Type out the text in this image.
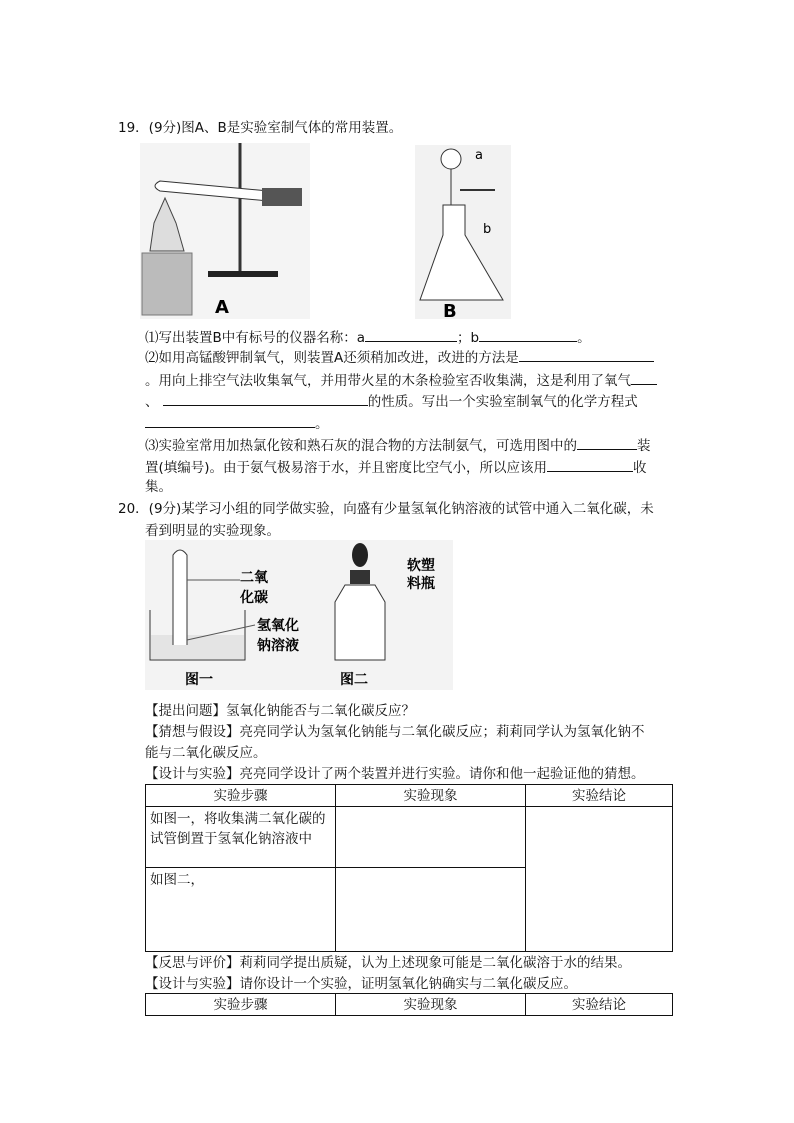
19．(9分)图A、B是实验室制气体的常用装置。
A
a
b
B
⑴写出装置B中有标号的仪器名称：a	；b	。
⑵如用高锰酸钾制氧气，则装置A还须稍加改进，改进的方法是
。用向上排空气法收集氧气，并用带火星的木条检验室否收集满，这是利用了氧气
、	的性质。写出一个实验室制氧气的化学方程式
。
⑶实验室常用加热氯化铵和熟石灰的混合物的方法制氨气，可选用图中的	装
置(填编号)。由于氨气极易溶于水，并且密度比空气小，所以应该用	收
集。
20．(9分)某学习小组的同学做实验，向盛有少量氢氧化钠溶液的试管中通入二氧化碳，未
看到明显的实验现象。
二氧
化碳
氢氧化
钠溶液
软塑
料瓶
图一	图二
【提出问题】氢氧化钠能否与二氧化碳反应？
【猜想与假设】亮亮同学认为氢氧化钠能与二氧化碳反应；莉莉同学认为氢氧化钠不
能与二氧化碳反应。
【设计与实验】亮亮同学设计了两个装置并进行实验。请你和他一起验证他的猜想。
实验步骤	实验现象	实验结论
如图一，将收集满二氧化碳的试管倒置于氢氧化钠溶液中		
如图二，		
【反思与评价】莉莉同学提出质疑，认为上述现象可能是二氧化碳溶于水的结果。
【设计与实验】请你设计一个实验，证明氢氧化钠确实与二氧化碳反应。
实验步骤	实验现象	实验结论
